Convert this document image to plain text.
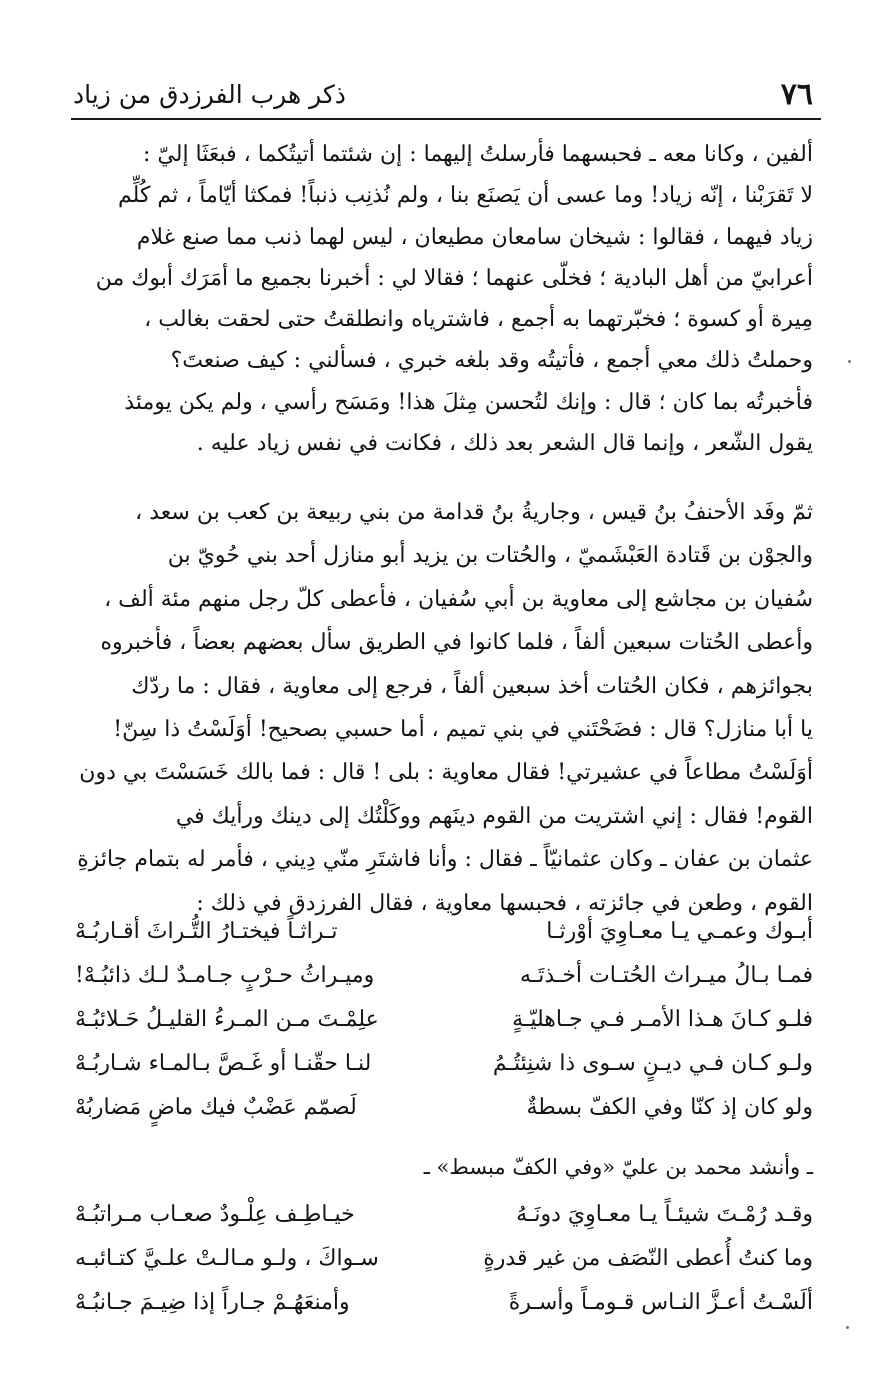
٧٦
ذكر هرب الفرزدق من زياد
ألفين ، وكانا معه ـ فحبسهما فأرسلتُ إليهما : إن شئتما أتيتُكما ، فبعَثَا إليّ :
لا تَقرَبْنا ، إنّه زياد! وما عسى أن يَصنَع بنا ، ولم نُذنِب ذنباً! فمكثا أيّاماً ، ثم كُلِّم
زياد فيهما ، فقالوا : شيخان سامعان مطيعان ، ليس لهما ذنب مما صنع غلام
أعرابيّ من أهل البادية ؛ فخلّى عنهما ؛ فقالا لي : أخبرنا بجميع ما أمَرَك أبوك من
مِيرة أو كسوة ؛ فخبّرتهما به أجمع ، فاشترياه وانطلقتُ حتى لحقت بغالب ،
وحملتُ ذلك معي أجمع ، فأتيتُه وقد بلغه خبري ، فسألني : كيف صنعتَ؟
فأخبرتُه بما كان ؛ قال : وإنك لتُحسن مِثلَ هذا! ومَسَح رأسي ، ولم يكن يومئذ
يقول الشّعر ، وإنما قال الشعر بعد ذلك ، فكانت في نفس زياد عليه .
ثمّ وفَد الأحنفُ بنُ قيس ، وجاريةُ بنُ قدامة من بني ربيعة بن كعب بن سعد ،
والجوْن بن قَتادة العَبْشَميّ ، والحُتات بن يزيد أبو منازل أحد بني حُويّ بن
سُفيان بن مجاشع إلى معاوية بن أبي سُفيان ، فأعطى كلّ رجل منهم مئة ألف ،
وأعطى الحُتات سبعين ألفاً ، فلما كانوا في الطريق سأل بعضهم بعضاً ، فأخبروه
بجوائزهم ، فكان الحُتات أخذ سبعين ألفاً ، فرجع إلى معاوية ، فقال : ما ردّك
يا أبا منازل؟ قال : فضَحْتَني في بني تميم ، أما حسبي بصحيح! أوَلَسْتُ ذا سِنّ!
أوَلَسْتُ مطاعاً في عشيرتي! فقال معاوية : بلى ! قال : فما بالك خَسَسْتَ بي دون
القوم! فقال : إني اشتريت من القوم دينَهم ووكَلْتُك إلى دينك ورأيك في
عثمان بن عفان ـ وكان عثمانيّاً ـ فقال : وأنا فاشتَرِ منّي دِيني ، فأمر له بتمام جائزةِ
القوم ، وطعن في جائزته ، فحبسها معاوية ، فقال الفرزدق في ذلك :
أبـوك وعمـي يـا معـاوِيَ أوْرثـا
تـراثـاً فيختـارُ التُّـراثَ أقـاربُـهْ
فمـا بـالُ ميـراث الحُتـات أخـذتَـه
وميـراثُ حـرْبٍ جـامـدٌ لـك ذائبُـهْ!
فلـو كـانَ هـذا الأمـر فـي جـاهليّـةٍ
علِمْـتَ مـن المـرءُ القليـلُ حَـلائبُـهْ
ولـو كـان فـي ديـنٍ سـوى ذا شنِئتُـمُ
لنـا حقّنـا أو غَـصَّ بـالمـاء شـاربُـهْ
ولو كان إذ كنّا وفي الكفّ بسطةٌ
لَصمّم عَضْبٌ فيك ماضٍ مَضاربُهْ
ـ وأنشد محمد بن عليّ «وفي الكفّ مبسط» ـ
وقـد رُمْـتَ شيئـاً يـا معـاوِيَ دونَـهُ
خيـاطِـف عِلْـودٌ صعـاب مـراتبُـهْ
وما كنتُ أُعطى النّصَف من غير قدرةٍ
سـواكَ ، ولـو مـالـتْ علـيَّ كتـائبـه
ألَسْـتُ أعـزَّ النـاس قـومـاً وأسـرةً
وأمنعَهُـمْ جـاراً إذا ضِيـمَ جـانبُـهْ
